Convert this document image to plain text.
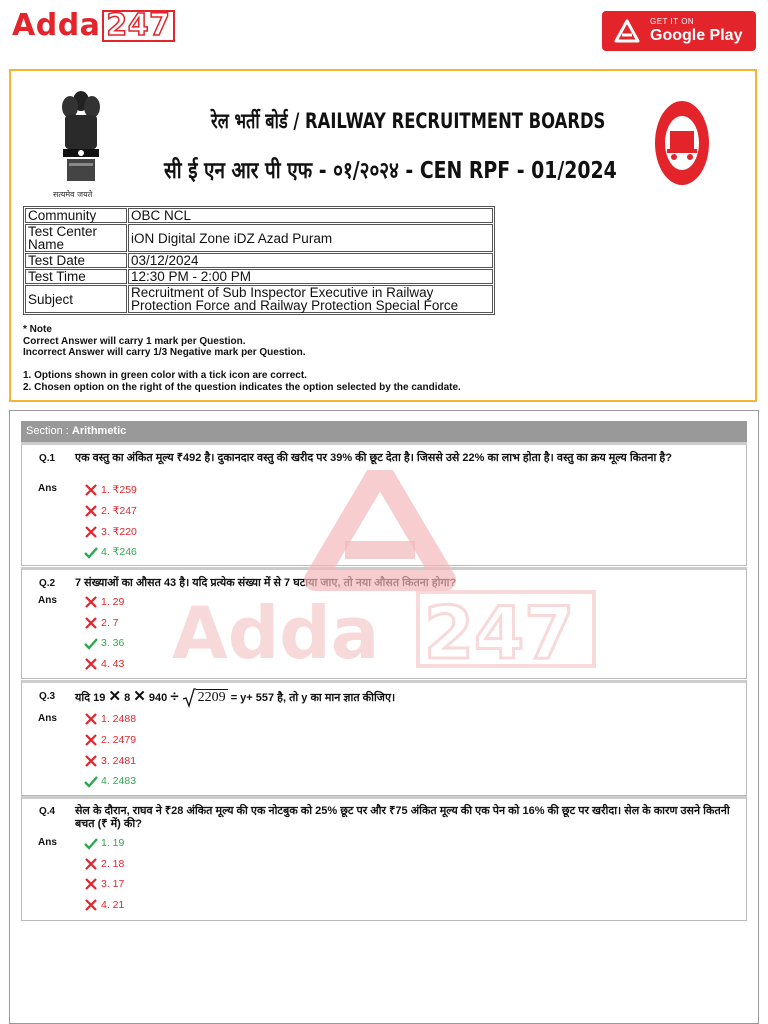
Adda 247	GET IT ON
Google Play
सत्यमेव जयते
रेल भर्ती बोर्ड / RAILWAY RECRUITMENT BOARDS
सी ई एन आर पी एफ - ०१/२०२४ - CEN RPF - 01/2024
Community	OBC NCL
Test Center Name	iON Digital Zone iDZ Azad Puram
Test Date	03/12/2024
Test Time	12:30 PM - 2:00 PM
Subject	Recruitment of Sub Inspector Executive in Railway Protection Force and Railway Protection Special Force
* Note
Correct Answer will carry 1 mark per Question.
Incorrect Answer will carry 1/3 Negative mark per Question.
1. Options shown in green color with a tick icon are correct.
2. Chosen option on the right of the question indicates the option selected by the candidate.
Section : Arithmetic
Q.1 एक वस्तु का अंकित मूल्य ₹492 है। दुकानदार वस्तु की खरीद पर 39% की छूट देता है। जिससे उसे 22% का लाभ होता है। वस्तु का क्रय मूल्य कितना है?
Ans	1. ₹259
2. ₹247
3. ₹220
4. ₹246
Q.2 7 संख्याओं का औसत 43 है। यदि प्रत्येक संख्या में से 7 घटाया जाए, तो नया औसत कितना होगा?
Ans	1. 29
2. 7
3. 36
4. 43
Q.3 यदि 19 ✕ 8 ✕ 940 ÷ 2209 = y+ 557 है, तो y का मान ज्ञात कीजिए।
Ans	1. 2488
2. 2479
3. 2481
4. 2483
Q.4 सेल के दौरान, राघव ने ₹28 अंकित मूल्य की एक नोटबुक को 25% छूट पर और ₹75 अंकित मूल्य की एक पेन को 16% की छूट पर खरीदा। सेल के कारण उसने कितनी बचत (₹ में) की?
Ans	1. 19
2. 18
3. 17
4. 21
Adda 247
